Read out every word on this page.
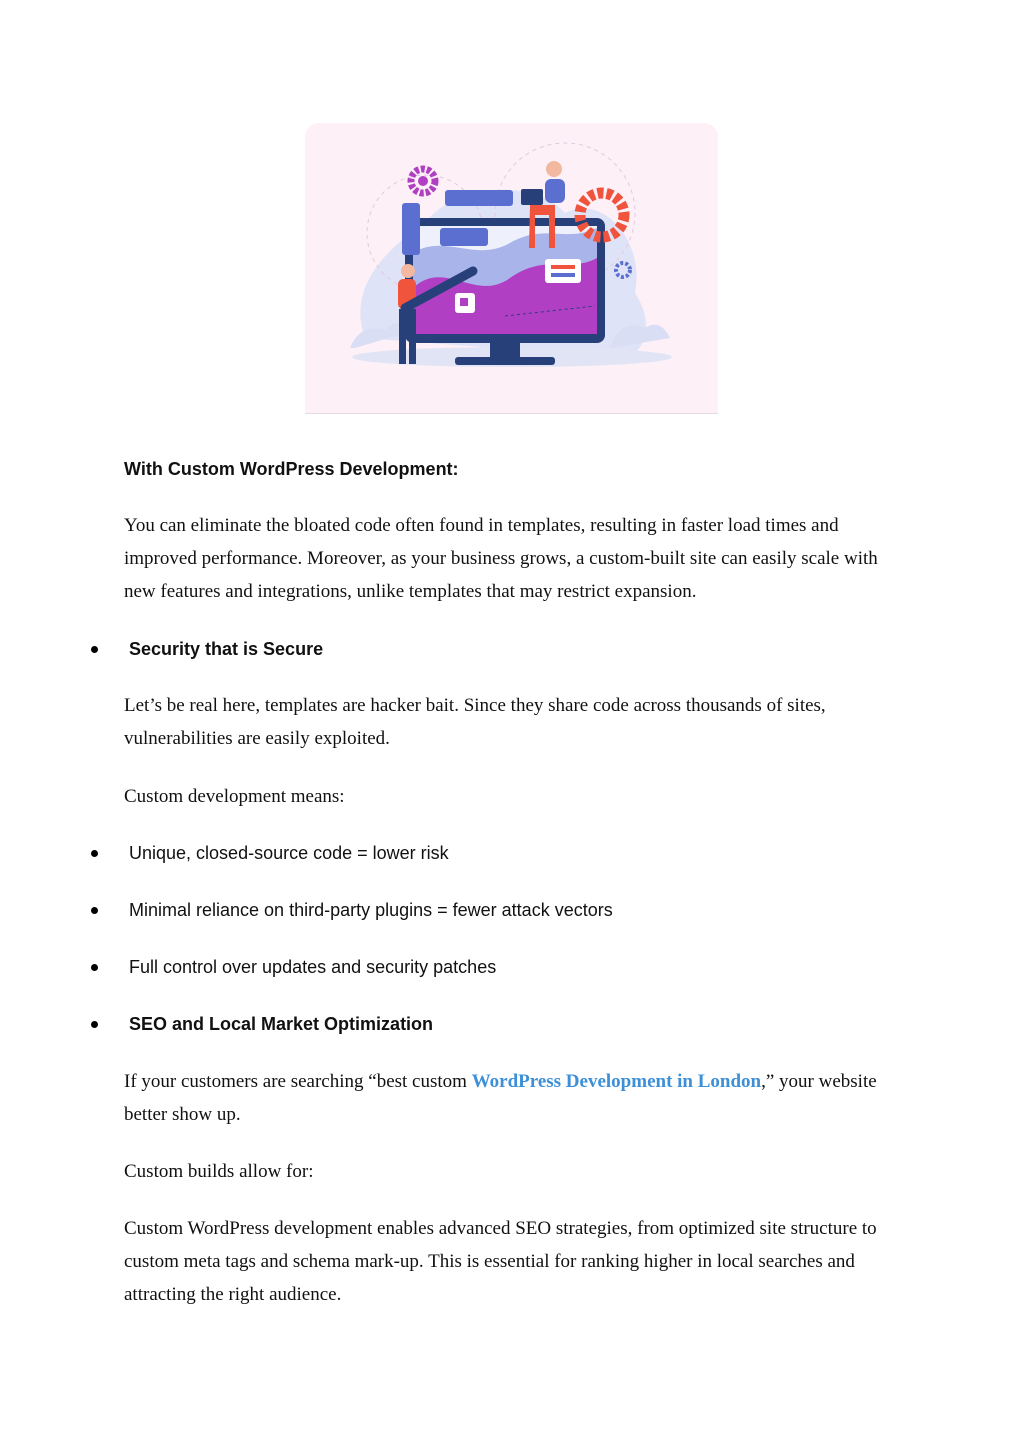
With Custom WordPress Development:

You can eliminate the bloated code often found in templates, resulting in faster load times and improved performance. Moreover, as your business grows, a custom-built site can easily scale with new features and integrations, unlike templates that may restrict expansion.

Security that is Secure

Let’s be real here, templates are hacker bait. Since they share code across thousands of sites, vulnerabilities are easily exploited.

Custom development means:

Unique, closed-source code = lower risk
Minimal reliance on third-party plugins = fewer attack vectors
Full control over updates and security patches
SEO and Local Market Optimization

If your customers are searching “best custom WordPress Development in London,” your website better show up.

Custom builds allow for:

Custom WordPress development enables advanced SEO strategies, from optimized site structure to custom meta tags and schema mark-up. This is essential for ranking higher in local searches and attracting the right audience.
